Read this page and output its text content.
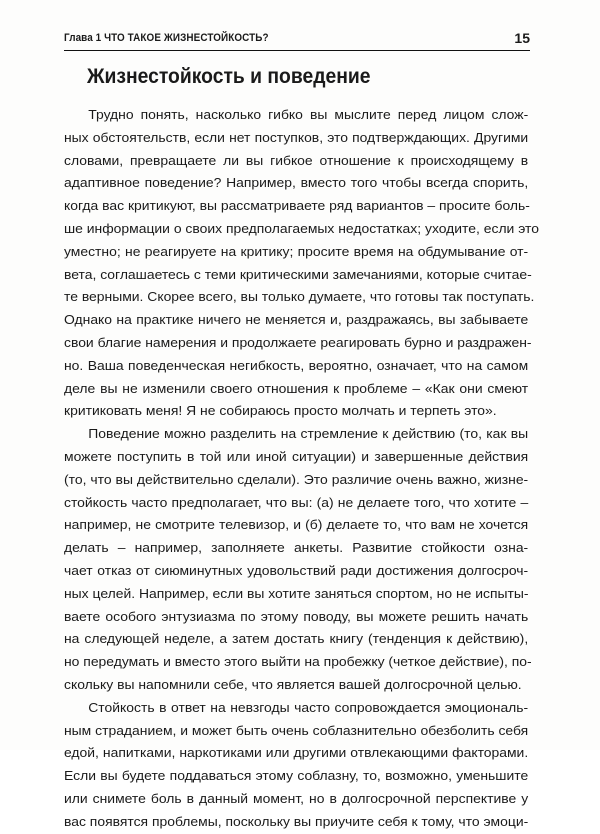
Глава 1 ЧТО ТАКОЕ ЖИЗНЕСТОЙКОСТЬ?	15
Жизнестойкость и поведение
Трудно понять, насколько гибко вы мыслите перед лицом слож-
ных обстоятельств, если нет поступков, это подтверждающих. Другими
словами, превращаете ли вы гибкое отношение к происходящему в
адаптивное поведение? Например, вместо того чтобы всегда спорить,
когда вас критикуют, вы рассматриваете ряд вариантов – просите боль-
ше информации о своих предполагаемых недостатках; уходите, если это
уместно; не реагируете на критику; просите время на обдумывание от-
вета, соглашаетесь с теми критическими замечаниями, которые считае-
те верными. Скорее всего, вы только думаете, что готовы так поступать.
Однако на практике ничего не меняется и, раздражаясь, вы забываете
свои благие намерения и продолжаете реагировать бурно и раздражен-
но. Ваша поведенческая негибкость, вероятно, означает, что на самом
деле вы не изменили своего отношения к проблеме – «Как они смеют
критиковать меня! Я не собираюсь просто молчать и терпеть это».
Поведение можно разделить на стремление к действию (то, как вы
можете поступить в той или иной ситуации) и завершенные действия
(то, что вы действительно сделали). Это различие очень важно, жизне-
стойкость часто предполагает, что вы: (а) не делаете того, что хотите –
например, не смотрите телевизор, и (б) делаете то, что вам не хочется
делать – например, заполняете анкеты. Развитие стойкости озна-
чает отказ от сиюминутных удовольствий ради достижения долгосроч-
ных целей. Например, если вы хотите заняться спортом, но не испыты-
ваете особого энтузиазма по этому поводу, вы можете решить начать
на следующей неделе, а затем достать книгу (тенденция к действию),
но передумать и вместо этого выйти на пробежку (четкое действие), по-
скольку вы напомнили себе, что является вашей долгосрочной целью.
Стойкость в ответ на невзгоды часто сопровождается эмоциональ-
ным страданием, и может быть очень соблазнительно обезболить себя
едой, напитками, наркотиками или другими отвлекающими факторами.
Если вы будете поддаваться этому соблазну, то, возможно, уменьшите
или снимете боль в данный момент, но в долгосрочной перспективе у
вас появятся проблемы, поскольку вы приучите себя к тому, что эмоци-
